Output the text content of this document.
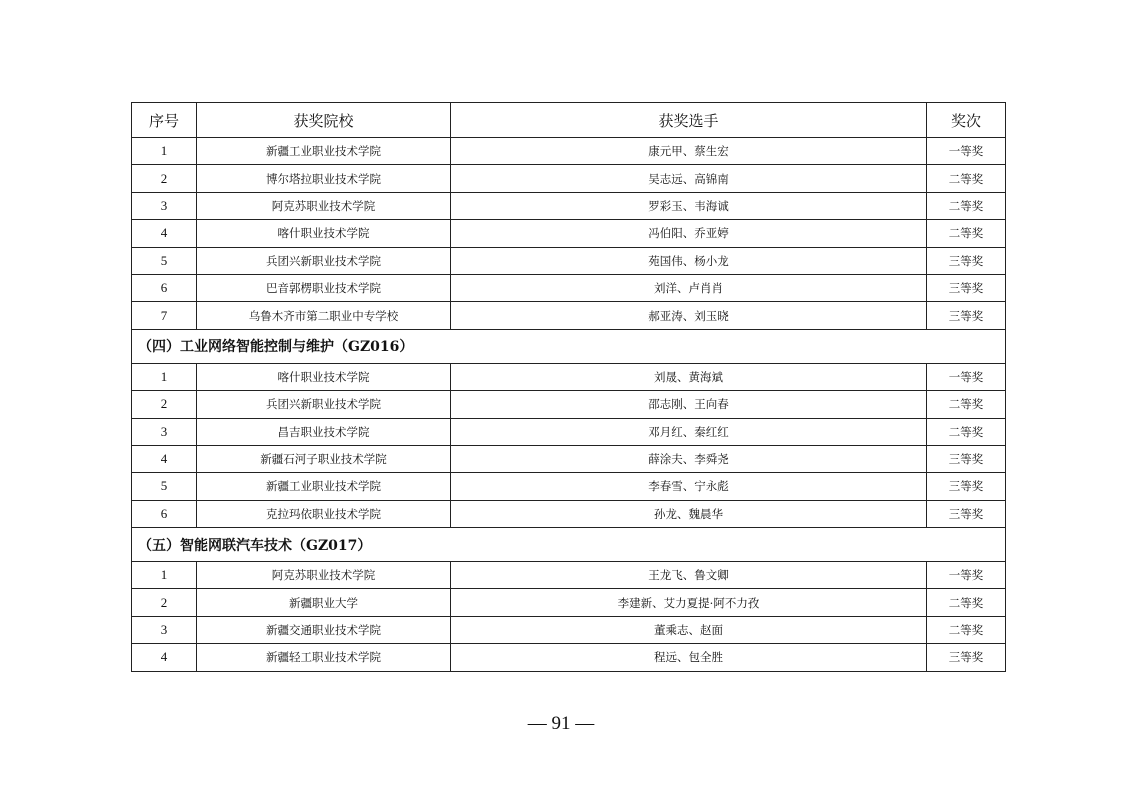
序号	获奖院校	获奖选手	奖次
1	新疆工业职业技术学院	康元甲、蔡生宏	一等奖
2	博尔塔拉职业技术学院	吴志远、高锦南	二等奖
3	阿克苏职业技术学院	罗彩玉、韦海诚	二等奖
4	喀什职业技术学院	冯伯阳、乔亚婷	二等奖
5	兵团兴新职业技术学院	苑国伟、杨小龙	三等奖
6	巴音郭楞职业技术学院	刘洋、卢肖肖	三等奖
7	乌鲁木齐市第二职业中专学校	郝亚涛、刘玉晓	三等奖
（四）工业网络智能控制与维护（GZ016）			
1	喀什职业技术学院	刘晟、黄海斌	一等奖
2	兵团兴新职业技术学院	邵志刚、王向春	二等奖
3	昌吉职业技术学院	邓月红、秦红红	二等奖
4	新疆石河子职业技术学院	薛涂夫、李舜尧	三等奖
5	新疆工业职业技术学院	李春雪、宁永彪	三等奖
6	克拉玛依职业技术学院	孙龙、魏晨华	三等奖
（五）智能网联汽车技术（GZ017）			
1	阿克苏职业技术学院	王龙飞、鲁文卿	一等奖
2	新疆职业大学	李建新、艾力夏提·阿不力孜	二等奖
3	新疆交通职业技术学院	董乘志、赵面	二等奖
4	新疆轻工职业技术学院	程远、包全胜	三等奖
— 91 —
